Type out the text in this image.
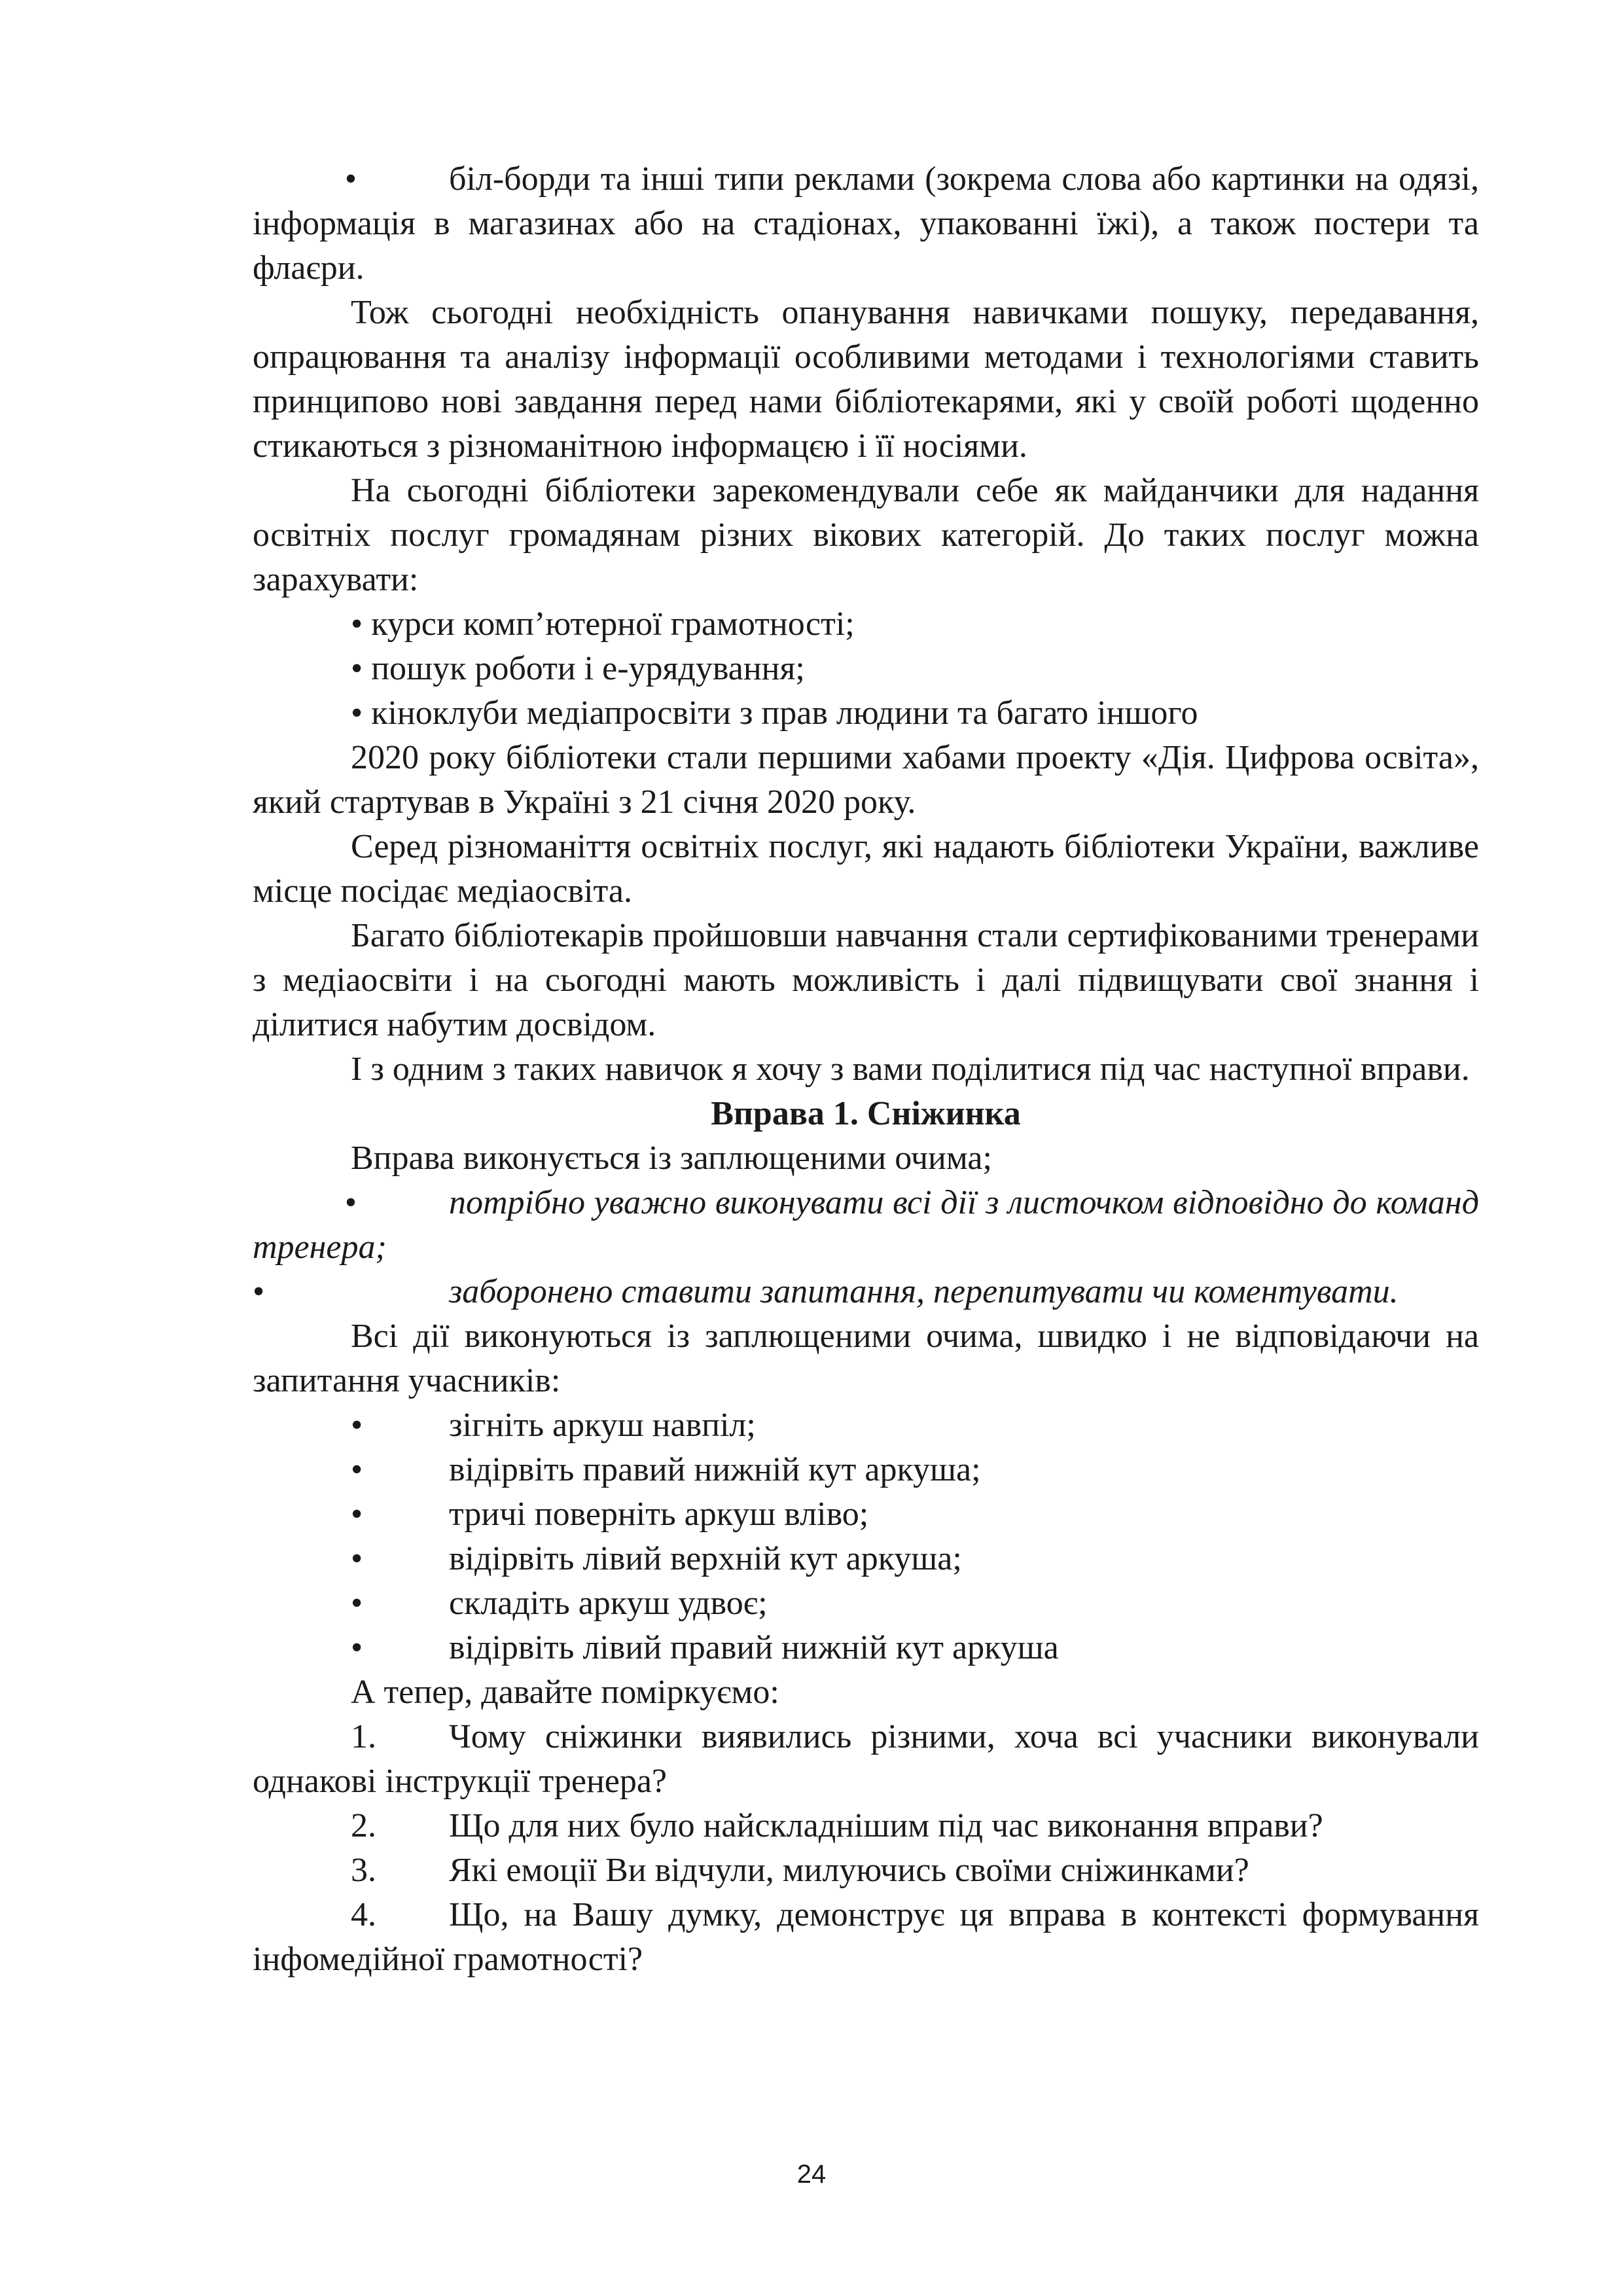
•	біл-борди та інші типи реклами (зокрема слова або картинки на одязі, інформація в магазинах або на стадіонах, упакованні їжі), а також постери та флаєри.

Тож сьогодні необхідність опанування навичками пошуку, передавання, опрацювання та аналізу інформації особливими методами і технологіями ставить принципово нові завдання перед нами бібліотекарями, які у своїй роботі щоденно стикаються з різноманітною інформацєю і її носіями.

На сьогодні бібліотеки зарекомендували себе як майданчики для надання освітніх послуг громадянам різних вікових категорій. До таких послуг можна зарахувати:

• курси комп’ютерної грамотності;
• пошук роботи і е-урядування;
• кіноклуби медіапросвіти з прав людини та багато іншого

2020 року бібліотеки стали першими хабами проекту «Дія. Цифрова освіта», який стартував в Україні з 21 січня 2020 року.

Серед різноманіття освітніх послуг, які надають бібліотеки України, важливе місце посідає медіаосвіта.

Багато бібліотекарів пройшовши навчання стали сертифікованими тренерами з медіаосвіти і на сьогодні мають можливість і далі підвищувати свої знання і ділитися набутим досвідом.

І з одним з таких навичок я хочу з вами поділитися під час наступної вправи.

Вправа 1. Сніжинка

Вправа виконується із заплющеними очима;

•	потрібно уважно виконувати всі дії з листочком відповідно до команд тренера;

•	заборонено ставити запитання, перепитувати чи коментувати.

Всі дії виконуються із заплющеними очима, швидко і не відповідаючи на запитання учасників:

•	зігніть аркуш навпіл;
•	відірвіть правий нижній кут аркуша;
•	тричі поверніть аркуш вліво;
•	відірвіть лівий верхній кут аркуша;
•	складіть аркуш удвоє;
•	відірвіть лівий правий нижній кут аркуша

А тепер, давайте поміркуємо:

1. Чому сніжинки виявились різними, хоча всі учасники виконували однакові інструкції тренера?

2. Що для них було найскладнішим під час виконання вправи?

3. Які емоції Ви відчули, милуючись своїми сніжинками?

4. Що, на Вашу думку, демонструє ця вправа в контексті формування інфомедійної грамотності?

24
